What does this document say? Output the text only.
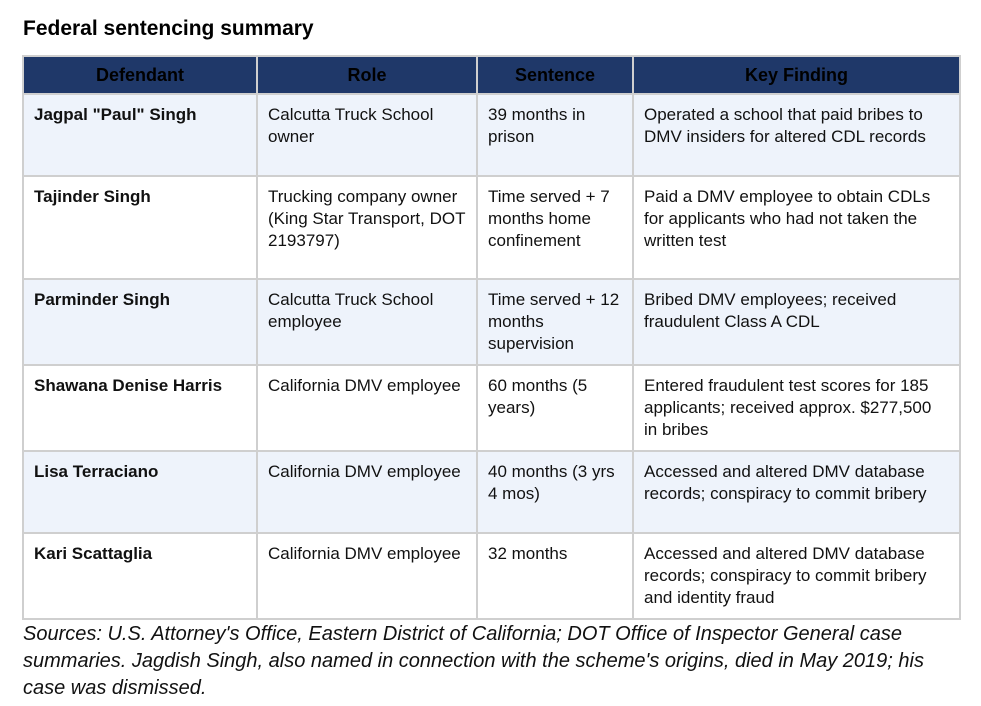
Federal sentencing summary
Defendant	Role	Sentence	Key Finding
Jagpal "Paul" Singh	Calcutta Truck School owner	39 months in prison	Operated a school that paid bribes to DMV insiders for altered CDL records
Tajinder Singh	Trucking company owner (King Star Transport, DOT 2193797)	Time served + 7 months home confinement	Paid a DMV employee to obtain CDLs for applicants who had not taken the written test
Parminder Singh	Calcutta Truck School employee	Time served + 12 months supervision	Bribed DMV employees; received fraudulent Class A CDL
Shawana Denise Harris	California DMV employee	60 months (5 years)	Entered fraudulent test scores for 185 applicants; received approx. $277,500 in bribes
Lisa Terraciano	California DMV employee	40 months (3 yrs 4 mos)	Accessed and altered DMV database records; conspiracy to commit bribery
Kari Scattaglia	California DMV employee	32 months	Accessed and altered DMV database records; conspiracy to commit bribery and identity fraud
Sources: U.S. Attorney's Office, Eastern District of California; DOT Office of Inspector General case summaries. Jagdish Singh, also named in connection with the scheme's origins, died in May 2019; his case was dismissed.
